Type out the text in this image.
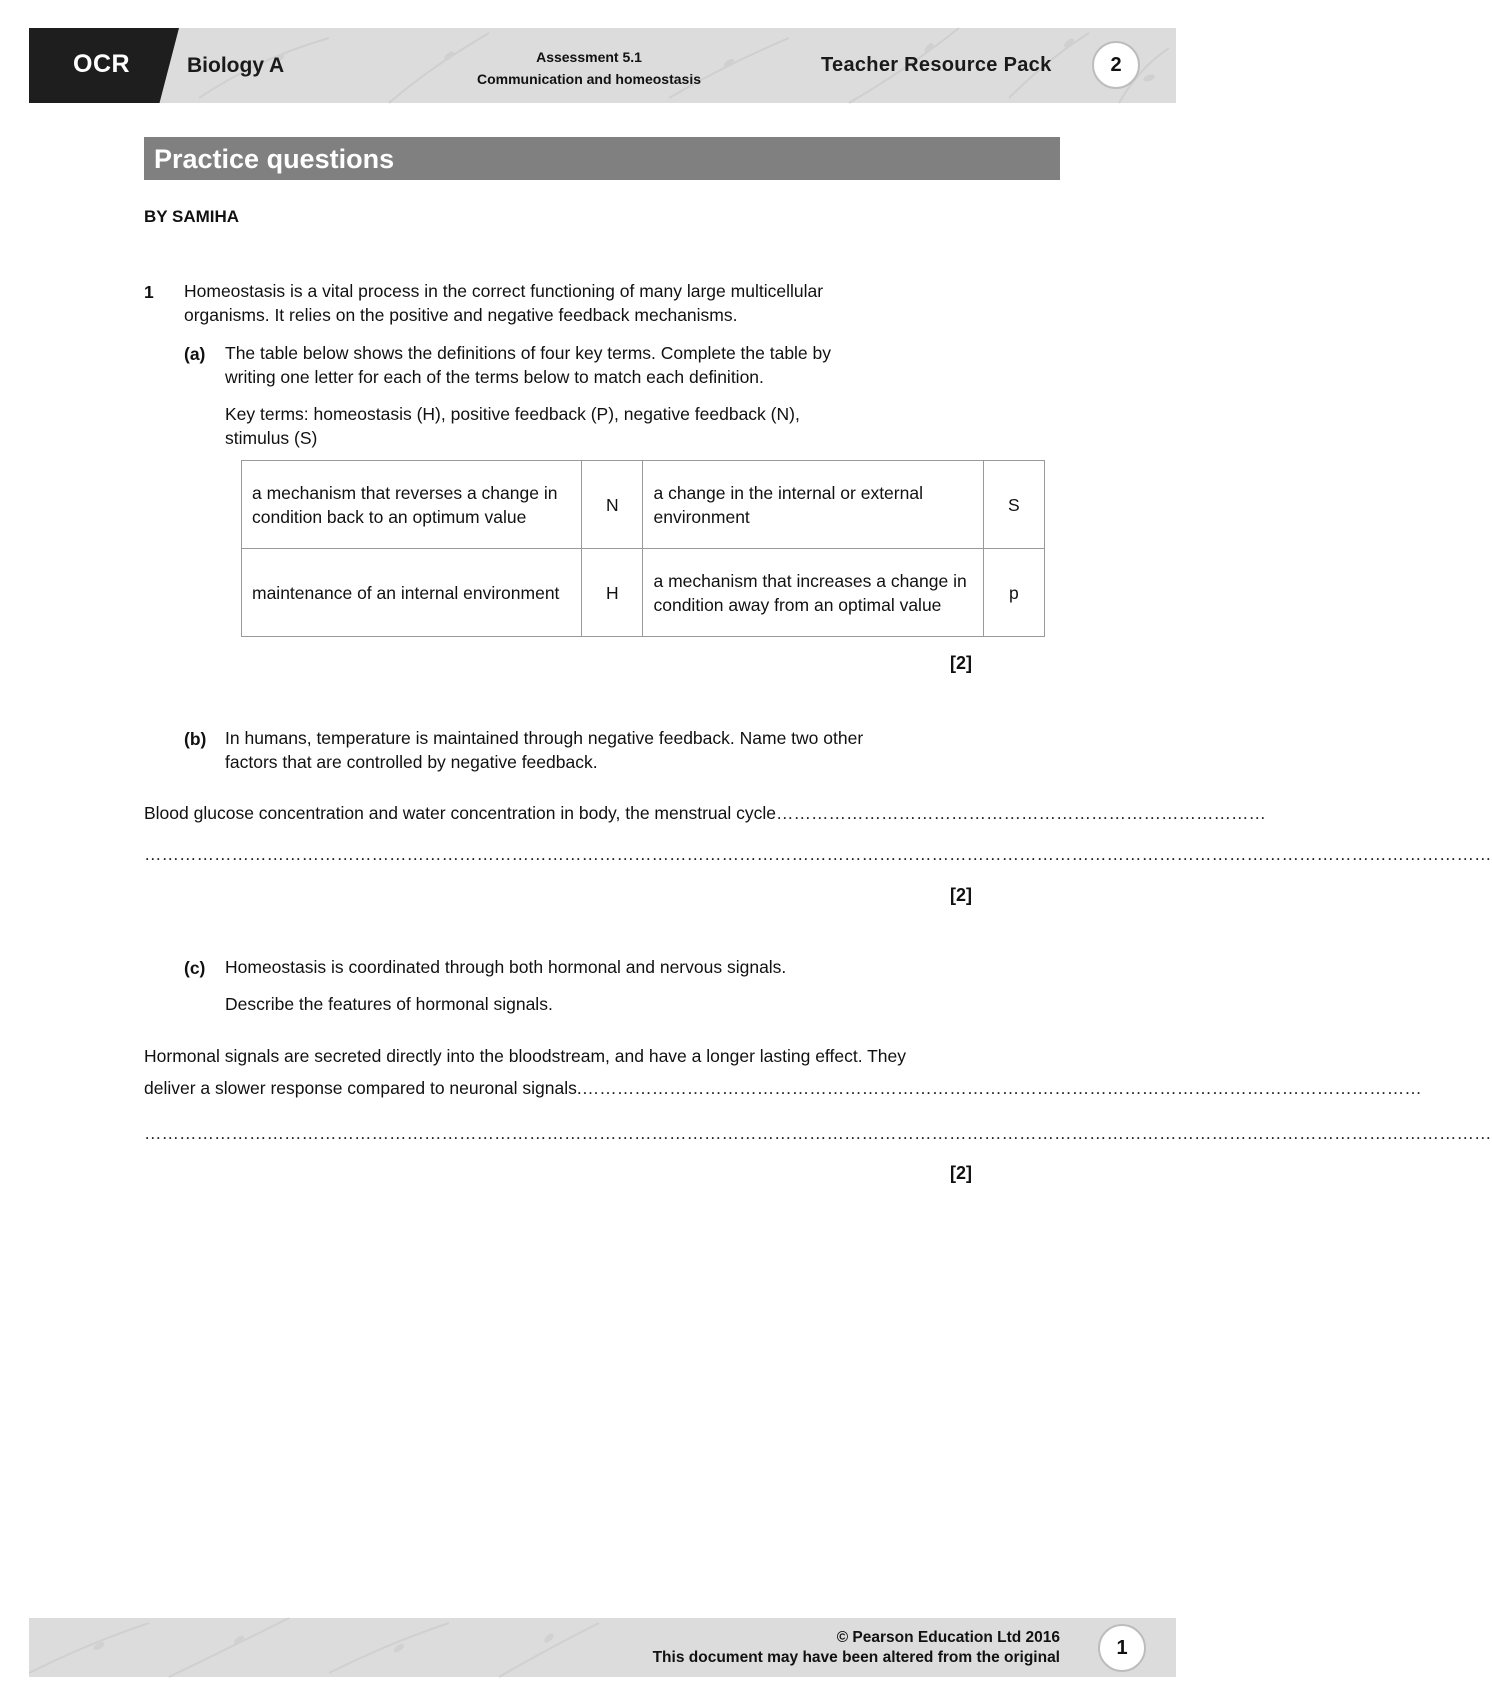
OCR	Biology A	Assessment 5.1
Communication and homeostasis
Teacher Resource Pack	2
Practice questions
BY SAMIHA
1 Homeostasis is a vital process in the correct functioning of many large multicellular
organisms. It relies on the positive and negative feedback mechanisms.
(a) The table below shows the definitions of four key terms. Complete the table by
writing one letter for each of the terms below to match each definition.
Key terms: homeostasis (H), positive feedback (P), negative feedback (N),
stimulus (S)
a mechanism that reverses a change in condition back to an optimum value	N	a change in the internal or external environment	S
maintenance of an internal environment	H	a mechanism that increases a change in condition away from an optimal value	p
[2]
(b) In humans, temperature is maintained through negative feedback. Name two other
factors that are controlled by negative feedback.
Blood glucose concentration and water concentration in body, the menstrual cycle…………………………………………………………………………
……………………………………………………………………………………………………………………………………………………………………………………………………………
[2]
(c) Homeostasis is coordinated through both hormonal and nervous signals.
Describe the features of hormonal signals.
Hormonal signals are secreted directly into the bloodstream, and have a longer lasting effect. They
deliver a slower response compared to neuronal signals.………………………………………………………………………………………………………………………………
……………………………………………………………………………………………………………………………………………………………………………………………………………
[2]
© Pearson Education Ltd 2016
This document may have been altered from the original	1
